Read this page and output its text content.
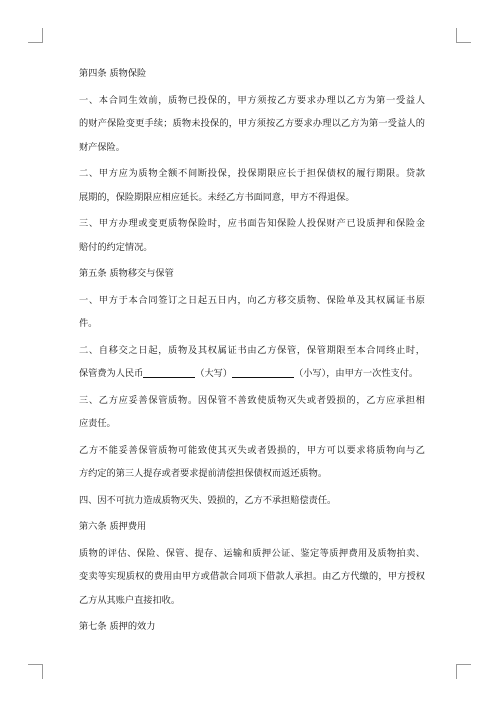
第四条 质物保险
一、本合同生效前，质物已投保的，甲方须按乙方要求办理以乙方为第一受益人
的财产保险变更手续；质物未投保的，甲方须按乙方要求办理以乙方为第一受益人的
财产保险。
二、甲方应为质物全额不间断投保，投保期限应长于担保债权的履行期限。贷款
展期的，保险期限应相应延长。未经乙方书面同意，甲方不得退保。
三、甲方办理或变更质物保险时，应书面告知保险人投保财产已设质押和保险金
赔付的约定情况。
第五条 质物移交与保管
一、甲方于本合同签订之日起五日内，向乙方移交质物、保险单及其权属证书原
件。
二、自移交之日起，质物及其权属证书由乙方保管，保管期限至本合同终止时，
保管费为人民币	（大写）	（小写），由甲方一次性支付。
三、乙方应妥善保管质物。因保管不善致使质物灭失或者毁损的，乙方应承担相
应责任。
乙方不能妥善保管质物可能致使其灭失或者毁损的，甲方可以要求将质物向与乙
方约定的第三人提存或者要求提前清偿担保债权而返还质物。
四、因不可抗力造成质物灭失、毁损的，乙方不承担赔偿责任。
第六条 质押费用
质物的评估、保险、保管、提存、运输和质押公证、鉴定等质押费用及质物拍卖、
变卖等实现质权的费用由甲方或借款合同项下借款人承担。由乙方代缴的，甲方授权
乙方从其账户直接扣收。
第七条 质押的效力
